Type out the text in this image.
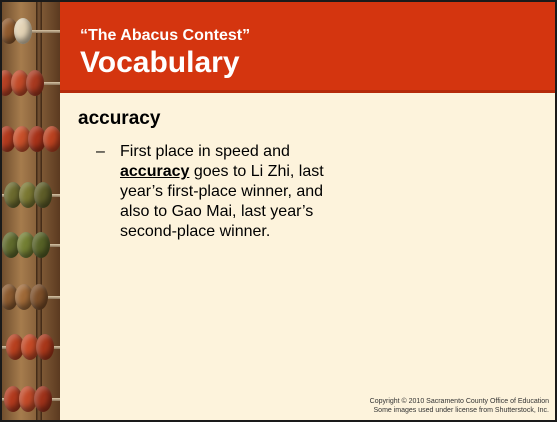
“The Abacus Contest”

Vocabulary

accuracy

– First place in speed and accuracy goes to Li Zhi, last year’s first-place winner, and also to Gao Mai, last year’s second-place winner.
Copyright © 2010 Sacramento County Office of Education
Some images used under license from Shutterstock, Inc.
